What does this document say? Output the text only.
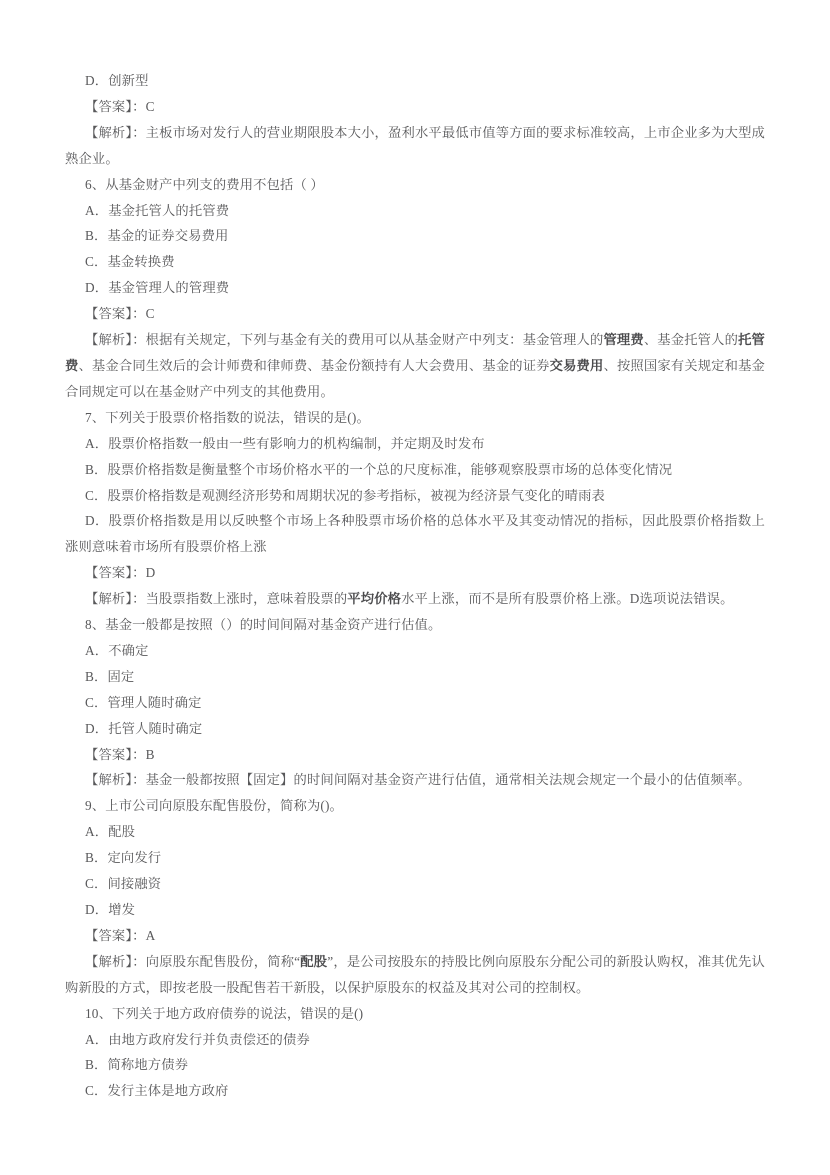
D．创新型
【答案】：C
【解析】：主板市场对发行人的营业期限股本大小，盈利水平最低市值等方面的要求标准较高，上市企业多为大型成熟企业。
6、从基金财产中列支的费用不包括（ ）
A．基金托管人的托管费
B．基金的证券交易费用
C．基金转换费
D．基金管理人的管理费
【答案】：C
【解析】：根据有关规定，下列与基金有关的费用可以从基金财产中列支：基金管理人的管理费、基金托管人的托管费、基金合同生效后的会计师费和律师费、基金份额持有人大会费用、基金的证券交易费用、按照国家有关规定和基金合同规定可以在基金财产中列支的其他费用。
7、下列关于股票价格指数的说法，错误的是()。
A．股票价格指数一般由一些有影响力的机构编制，并定期及时发布
B．股票价格指数是衡量整个市场价格水平的一个总的尺度标准，能够观察股票市场的总体变化情况
C．股票价格指数是观测经济形势和周期状况的参考指标，被视为经济景气变化的晴雨表
D．股票价格指数是用以反映整个市场上各种股票市场价格的总体水平及其变动情况的指标，因此股票价格指数上涨则意味着市场所有股票价格上涨
【答案】：D
【解析】：当股票指数上涨时，意味着股票的平均价格水平上涨，而不是所有股票价格上涨。D选项说法错误。
8、基金一般都是按照（）的时间间隔对基金资产进行估值。
A．不确定
B．固定
C．管理人随时确定
D．托管人随时确定
【答案】：B
【解析】：基金一般都按照【固定】的时间间隔对基金资产进行估值，通常相关法规会规定一个最小的估值频率。
9、上市公司向原股东配售股份，简称为()。
A．配股
B．定向发行
C．间接融资
D．增发
【答案】：A
【解析】：向原股东配售股份，简称“配股”，是公司按股东的持股比例向原股东分配公司的新股认购权，准其优先认购新股的方式，即按老股一股配售若干新股，以保护原股东的权益及其对公司的控制权。
10、下列关于地方政府债券的说法，错误的是()
A．由地方政府发行并负责偿还的债券
B．简称地方债券
C．发行主体是地方政府
